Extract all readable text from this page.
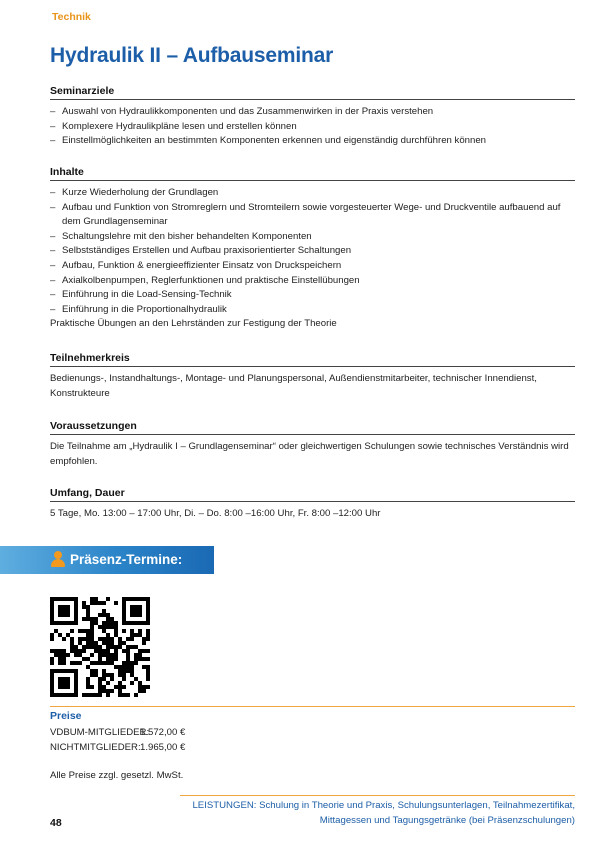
Technik
Hydraulik II – Aufbauseminar
Seminarziele
– Auswahl von Hydraulikkomponenten und das Zusammenwirken in der Praxis verstehen
– Komplexere Hydraulikpläne lesen und erstellen können
– Einstellmöglichkeiten an bestimmten Komponenten erkennen und eigenständig durchführen können
Inhalte
– Kurze Wiederholung der Grundlagen
– Aufbau und Funktion von Stromreglern und Stromteilern sowie vorgesteuerter Wege- und Druckventile aufbauend auf dem Grundlagenseminar
– Schaltungslehre mit den bisher behandelten Komponenten
– Selbstständiges Erstellen und Aufbau praxisorientierter Schaltungen
– Aufbau, Funktion & energieeffizienter Einsatz von Druckspeichern
– Axialkolbenpumpen, Reglerfunktionen und praktische Einstellübungen
– Einführung in die Load-Sensing-Technik
– Einführung in die Proportionalhydraulik
Praktische Übungen an den Lehrständen zur Festigung der Theorie
Teilnehmerkreis
Bedienungs-, Instandhaltungs-, Montage- und Planungspersonal, Außendienstmitarbeiter, technischer Innendienst, Konstrukteure
Voraussetzungen
Die Teilnahme am „Hydraulik I – Grundlagenseminar“ oder gleichwertigen Schulungen sowie technisches Verständnis wird empfohlen.
Umfang, Dauer
5 Tage, Mo. 13:00 – 17:00 Uhr, Di. – Do. 8:00 –16:00 Uhr, Fr. 8:00 –12:00 Uhr
Präsenz-Termine:
Preise
VDBUM-MITGLIEDER:1.572,00 €
NICHTMITGLIEDER:1.965,00 €
Alle Preise zzgl. gesetzl. MwSt.
LEISTUNGEN: Schulung in Theorie und Praxis, Schulungsunterlagen, Teilnahmezertifikat,
Mittagessen und Tagungsgetränke (bei Präsenzschulungen)
48
